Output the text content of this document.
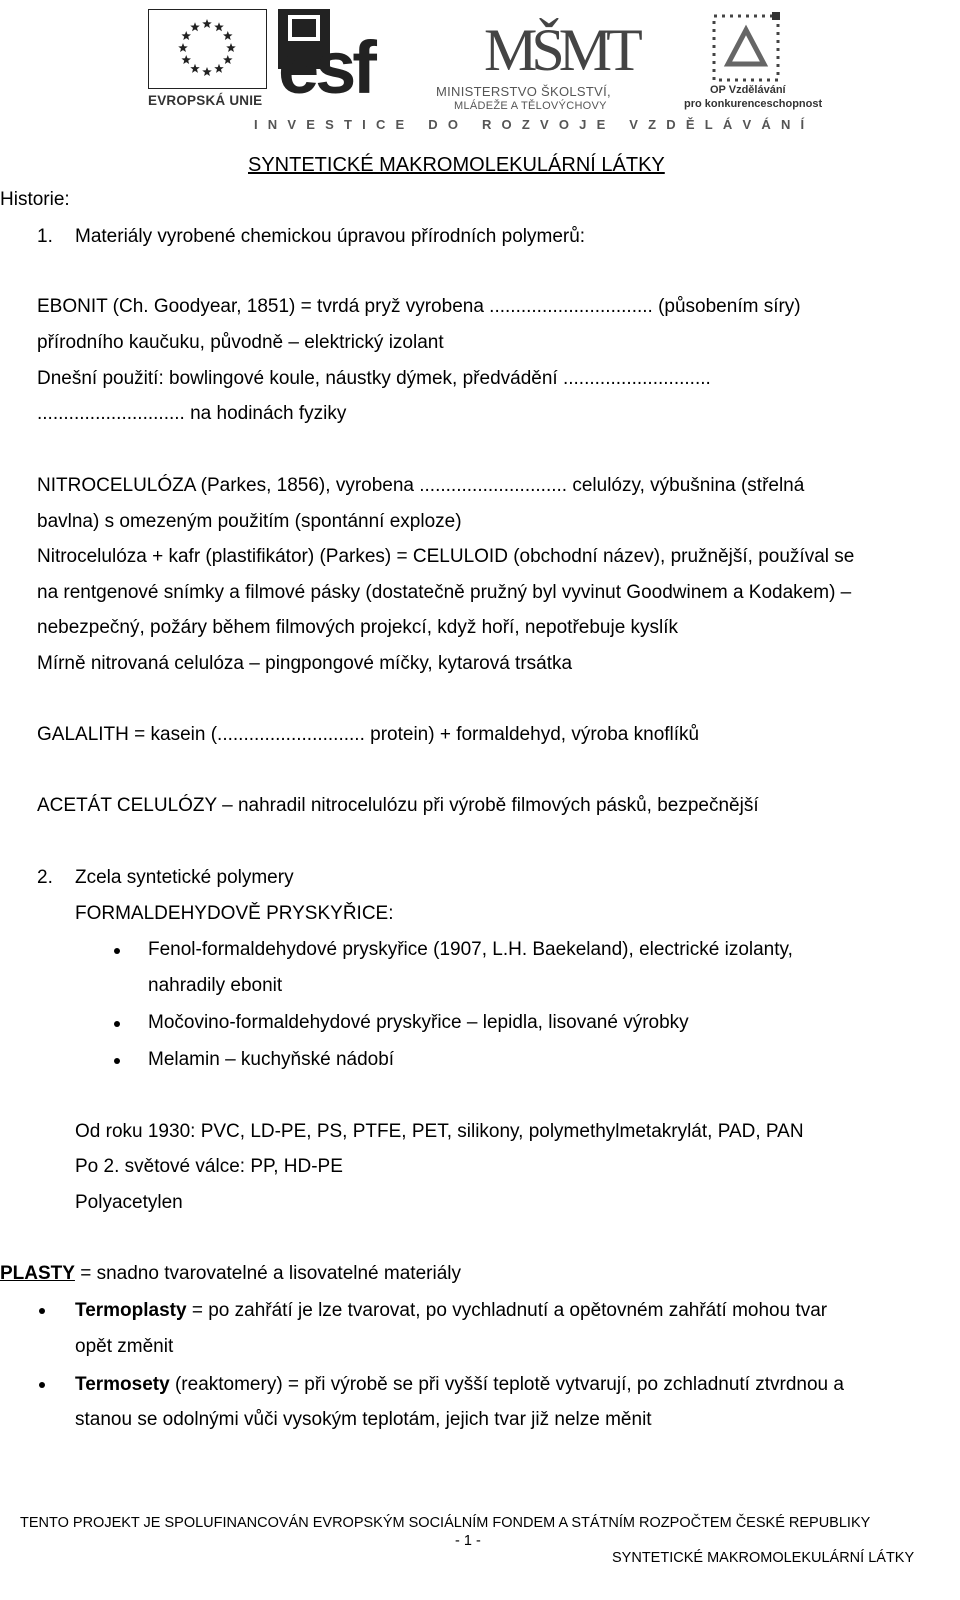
EVROPSKÁ UNIE esf MŠMT
MINISTERSTVO ŠKOLSTVÍ,
MLÁDEŽE A TĚLOVÝCHOVY
OP Vzdělávání
pro konkurenceschopnost
INVESTICE DO ROZVOJE VZDĚLÁVÁNÍ
SYNTETICKÉ MAKROMOLEKULÁRNÍ LÁTKY
Historie:
1. Materiály vyrobené chemickou úpravou přírodních polymerů:
EBONIT (Ch. Goodyear, 1851) = tvrdá pryž vyrobena ............................... (působením síry)
přírodního kaučuku, původně – elektrický izolant
Dnešní použití: bowlingové koule, náustky dýmek, předvádění ............................
............................ na hodinách fyziky
NITROCELULÓZA (Parkes, 1856), vyrobena ............................ celulózy, výbušnina (střelná
bavlna) s omezeným použitím (spontánní exploze)
Nitrocelulóza + kafr (plastifikátor) (Parkes) = CELULOID (obchodní název), pružnější, používal se
na rentgenové snímky a filmové pásky (dostatečně pružný byl vyvinut Goodwinem a Kodakem) –
nebezpečný, požáry během filmových projekcí, když hoří, nepotřebuje kyslík
Mírně nitrovaná celulóza – pingpongové míčky, kytarová trsátka
GALALITH = kasein (............................ protein) + formaldehyd, výroba knoflíků
ACETÁT CELULÓZY – nahradil nitrocelulózu při výrobě filmových pásků, bezpečnější
2. Zcela syntetické polymery
FORMALDEHYDOVĚ PRYSKYŘICE:
Fenol-formaldehydové pryskyřice (1907, L.H. Baekeland), electrické izolanty,
nahradily ebonit
Močovino-formaldehydové pryskyřice – lepidla, lisované výrobky
Melamin – kuchyňské nádobí
Od roku 1930: PVC, LD-PE, PS, PTFE, PET, silikony, polymethylmetakrylát, PAD, PAN
Po 2. světové válce: PP, HD-PE
Polyacetylen
PLASTY = snadno tvarovatelné a lisovatelné materiály
Termoplasty = po zahřátí je lze tvarovat, po vychladnutí a opětovném zahřátí mohou tvar
opět změnit
Termosety (reaktomery) = při výrobě se při vyšší teplotě vytvarují, po zchladnutí ztvrdnou a
stanou se odolnými vůči vysokým teplotám, jejich tvar již nelze měnit
TENTO PROJEKT JE SPOLUFINANCOVÁN EVROPSKÝM SOCIÁLNÍM FONDEM A STÁTNÍM ROZPOČTEM ČESKÉ REPUBLIKY
- 1 -
SYNTETICKÉ MAKROMOLEKULÁRNÍ LÁTKY
